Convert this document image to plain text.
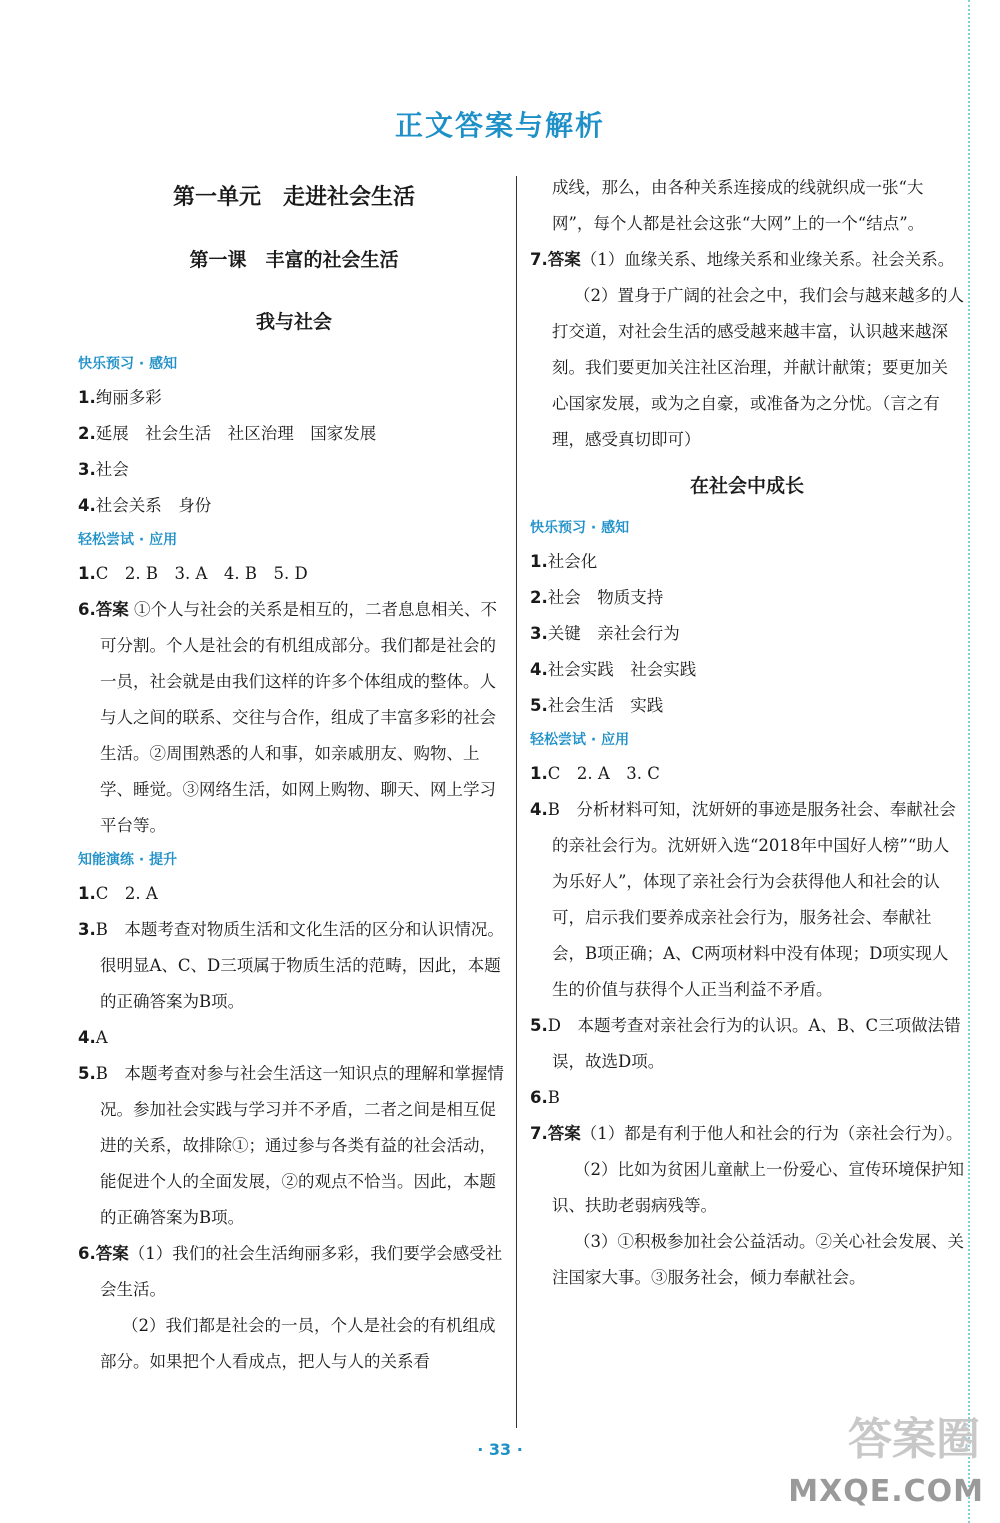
正文答案与解析
第一单元　走进社会生活
第一课　丰富的社会生活
我与社会
快乐预习 · 感知

1.绚丽多彩

2.延展　社会生活　社区治理　国家发展

3.社会

4.社会关系　身份

轻松尝试 · 应用

1.C　2. B　3. A　4. B　5. D

6.答案 ①个人与社会的关系是相互的，二者息息相关、不可分割。个人是社会的有机组成部分。我们都是社会的一员，社会就是由我们这样的许多个体组成的整体。人与人之间的联系、交往与合作，组成了丰富多彩的社会生活。②周围熟悉的人和事，如亲戚朋友、购物、上学、睡觉。③网络生活，如网上购物、聊天、网上学习平台等。

知能演练 · 提升

1.C　2. A

3.B　本题考查对物质生活和文化生活的区分和认识情况。很明显A、C、D三项属于物质生活的范畴，因此，本题的正确答案为B项。

4.A

5.B　本题考查对参与社会生活这一知识点的理解和掌握情况。参加社会实践与学习并不矛盾，二者之间是相互促进的关系，故排除①；通过参与各类有益的社会活动，能促进个人的全面发展，②的观点不恰当。因此，本题的正确答案为B项。

6.答案（1）我们的社会生活绚丽多彩，我们要学会感受社会生活。

（2）我们都是社会的一员，个人是社会的有机组成部分。如果把个人看成点，把人与人的关系看

成线，那么，由各种关系连接成的线就织成一张“大网”，每个人都是社会这张“大网”上的一个“结点”。

7.答案（1）血缘关系、地缘关系和业缘关系。社会关系。

（2）置身于广阔的社会之中，我们会与越来越多的人打交道，对社会生活的感受越来越丰富，认识越来越深刻。我们要更加关注社区治理，并献计献策；要更加关心国家发展，或为之自豪，或准备为之分忧。（言之有理，感受真切即可）

在社会中成长
快乐预习 · 感知

1.社会化

2.社会　物质支持

3.关键　亲社会行为

4.社会实践　社会实践

5.社会生活　实践

轻松尝试 · 应用

1.C　2. A　3. C

4.B　分析材料可知，沈妍妍的事迹是服务社会、奉献社会的亲社会行为。沈妍妍入选“2018年中国好人榜”“助人为乐好人”，体现了亲社会行为会获得他人和社会的认可，启示我们要养成亲社会行为，服务社会、奉献社会，B项正确；A、C两项材料中没有体现；D项实现人生的价值与获得个人正当利益不矛盾。

5.D　本题考查对亲社会行为的认识。A、B、C三项做法错误，故选D项。

6.B

7.答案（1）都是有利于他人和社会的行为（亲社会行为）。

（2）比如为贫困儿童献上一份爱心、宣传环境保护知识、扶助老弱病残等。

（3）①积极参加社会公益活动。②关心社会发展、关注国家大事。③服务社会，倾力奉献社会。

· 33 ·	答案圈
MXQE.COM
